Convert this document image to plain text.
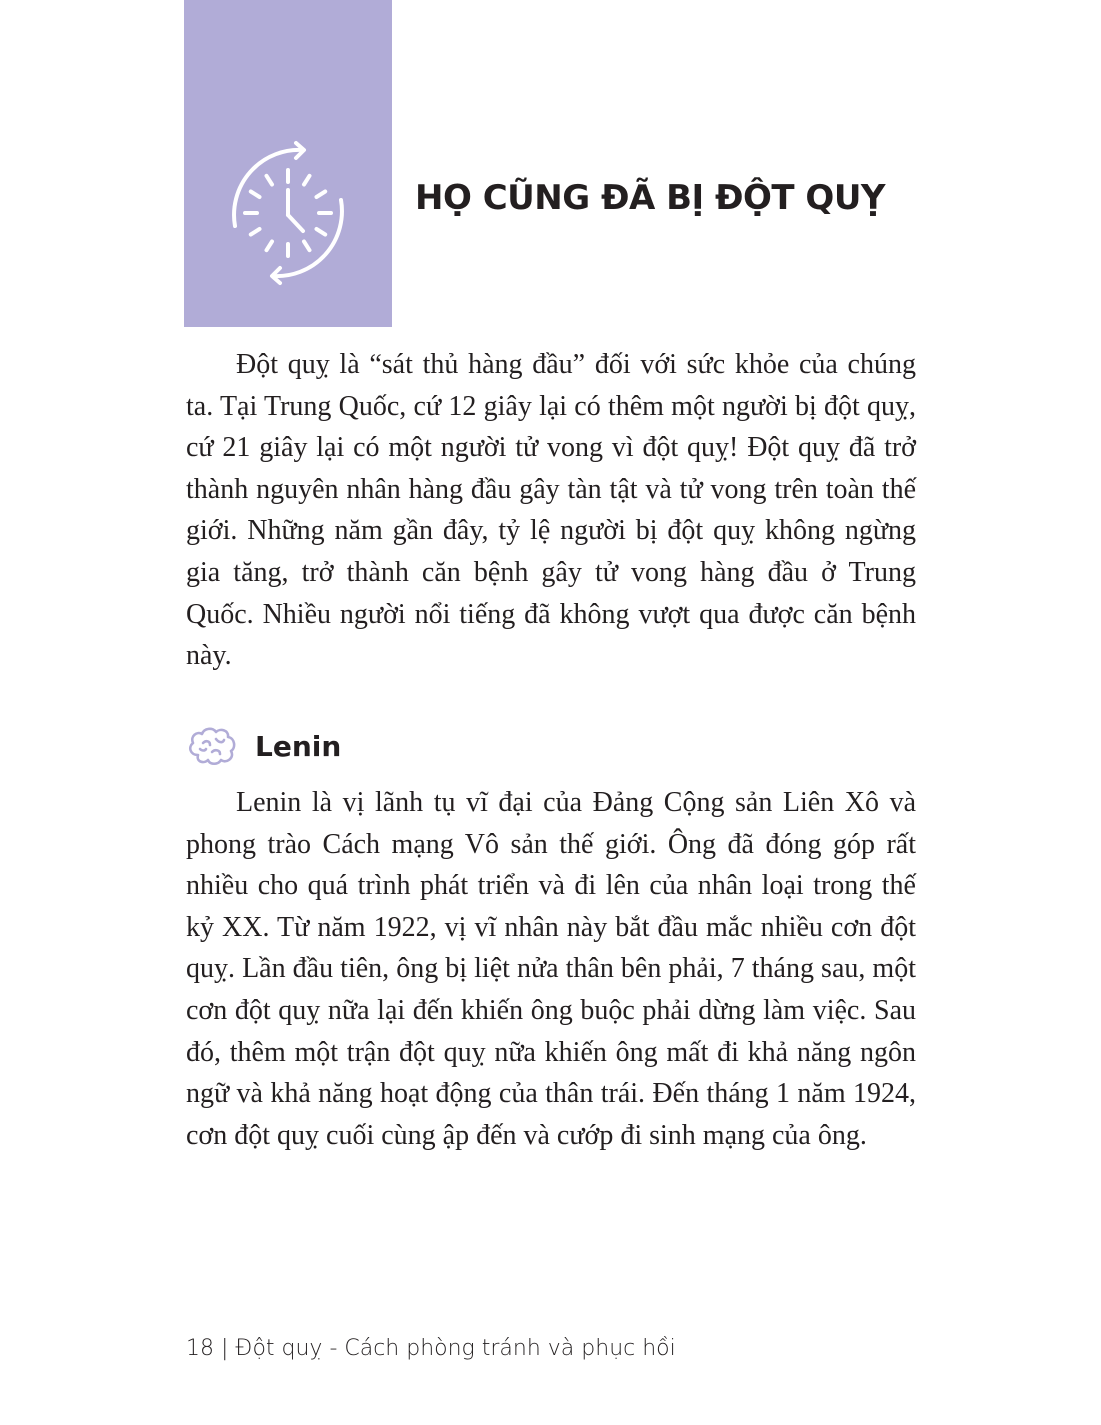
HỌ CŨNG ĐÃ BỊ ĐỘT QUỴ

Đột quỵ là “sát thủ hàng đầu” đối với sức khỏe của chúng ta. Tại Trung Quốc, cứ 12 giây lại có thêm một người bị đột quỵ, cứ 21 giây lại có một người tử vong vì đột quỵ! Đột quỵ đã trở thành nguyên nhân hàng đầu gây tàn tật và tử vong trên toàn thế giới. Những năm gần đây, tỷ lệ người bị đột quỵ không ngừng gia tăng, trở thành căn bệnh gây tử vong hàng đầu ở Trung Quốc. Nhiều người nổi tiếng đã không vượt qua được căn bệnh này.

Lenin

Lenin là vị lãnh tụ vĩ đại của Đảng Cộng sản Liên Xô và phong trào Cách mạng Vô sản thế giới. Ông đã đóng góp rất nhiều cho quá trình phát triển và đi lên của nhân loại trong thế kỷ XX. Từ năm 1922, vị vĩ nhân này bắt đầu mắc nhiều cơn đột quỵ. Lần đầu tiên, ông bị liệt nửa thân bên phải, 7 tháng sau, một cơn đột quỵ nữa lại đến khiến ông buộc phải dừng làm việc. Sau đó, thêm một trận đột quỵ nữa khiến ông mất đi khả năng ngôn ngữ và khả năng hoạt động của thân trái. Đến tháng 1 năm 1924, cơn đột quỵ cuối cùng ập đến và cướp đi sinh mạng của ông.

18 | Đột quỵ - Cách phòng tránh và phục hồi
